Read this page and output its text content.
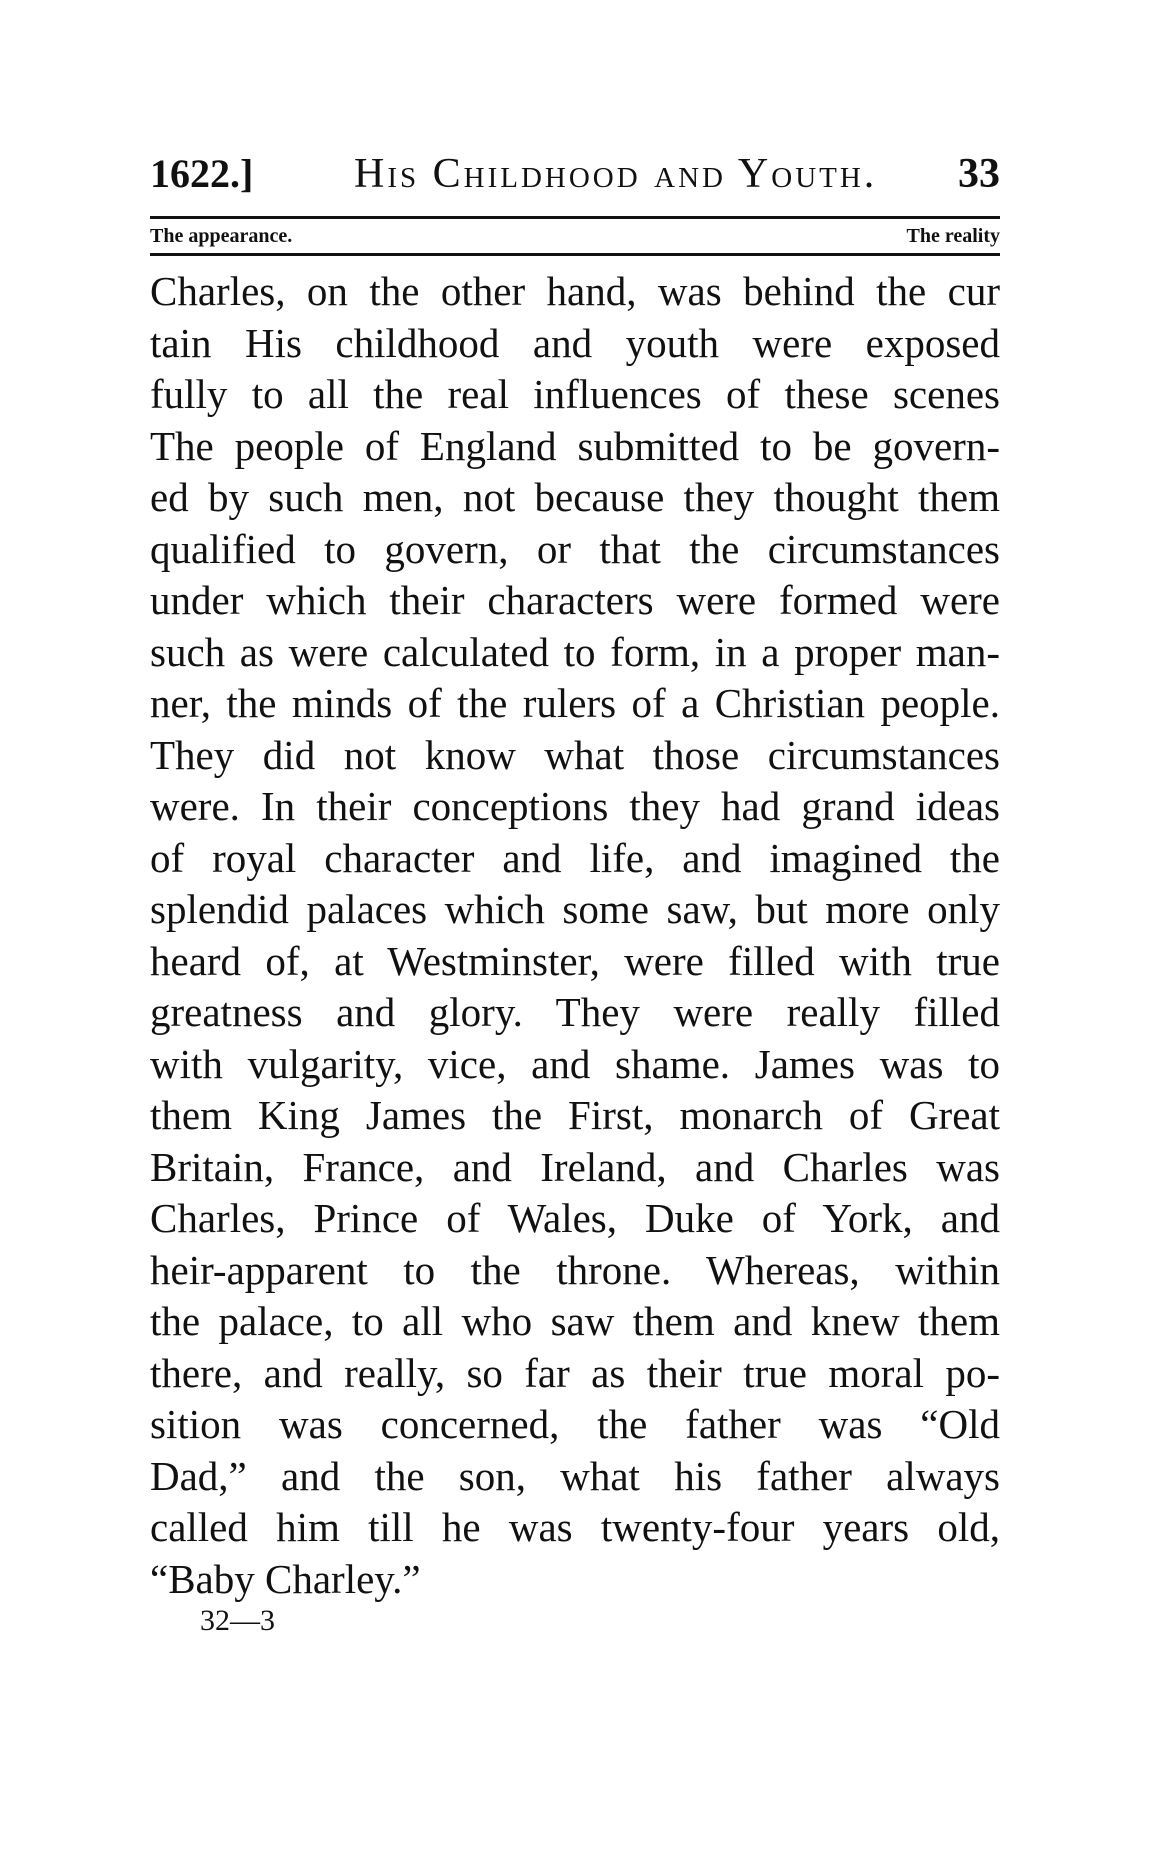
1622.]	His Childhood and Youth.	33
The appearance.	The reality
Charles, on the other hand, was behind the cur
tain His childhood and youth were exposed
fully to all the real influences of these scenes
The people of England submitted to be govern-
ed by such men, not because they thought them
qualified to govern, or that the circumstances
under which their characters were formed were
such as were calculated to form, in a proper man-
ner, the minds of the rulers of a Christian people.
They did not know what those circumstances
were. In their conceptions they had grand ideas
of royal character and life, and imagined the
splendid palaces which some saw, but more only
heard of, at Westminster, were filled with true
greatness and glory. They were really filled
with vulgarity, vice, and shame. James was to
them King James the First, monarch of Great
Britain, France, and Ireland, and Charles was
Charles, Prince of Wales, Duke of York, and
heir-apparent to the throne. Whereas, within
the palace, to all who saw them and knew them
there, and really, so far as their true moral po-
sition was concerned, the father was “Old
Dad,” and the son, what his father always
called him till he was twenty-four years old,
“Baby Charley.”
32—3
